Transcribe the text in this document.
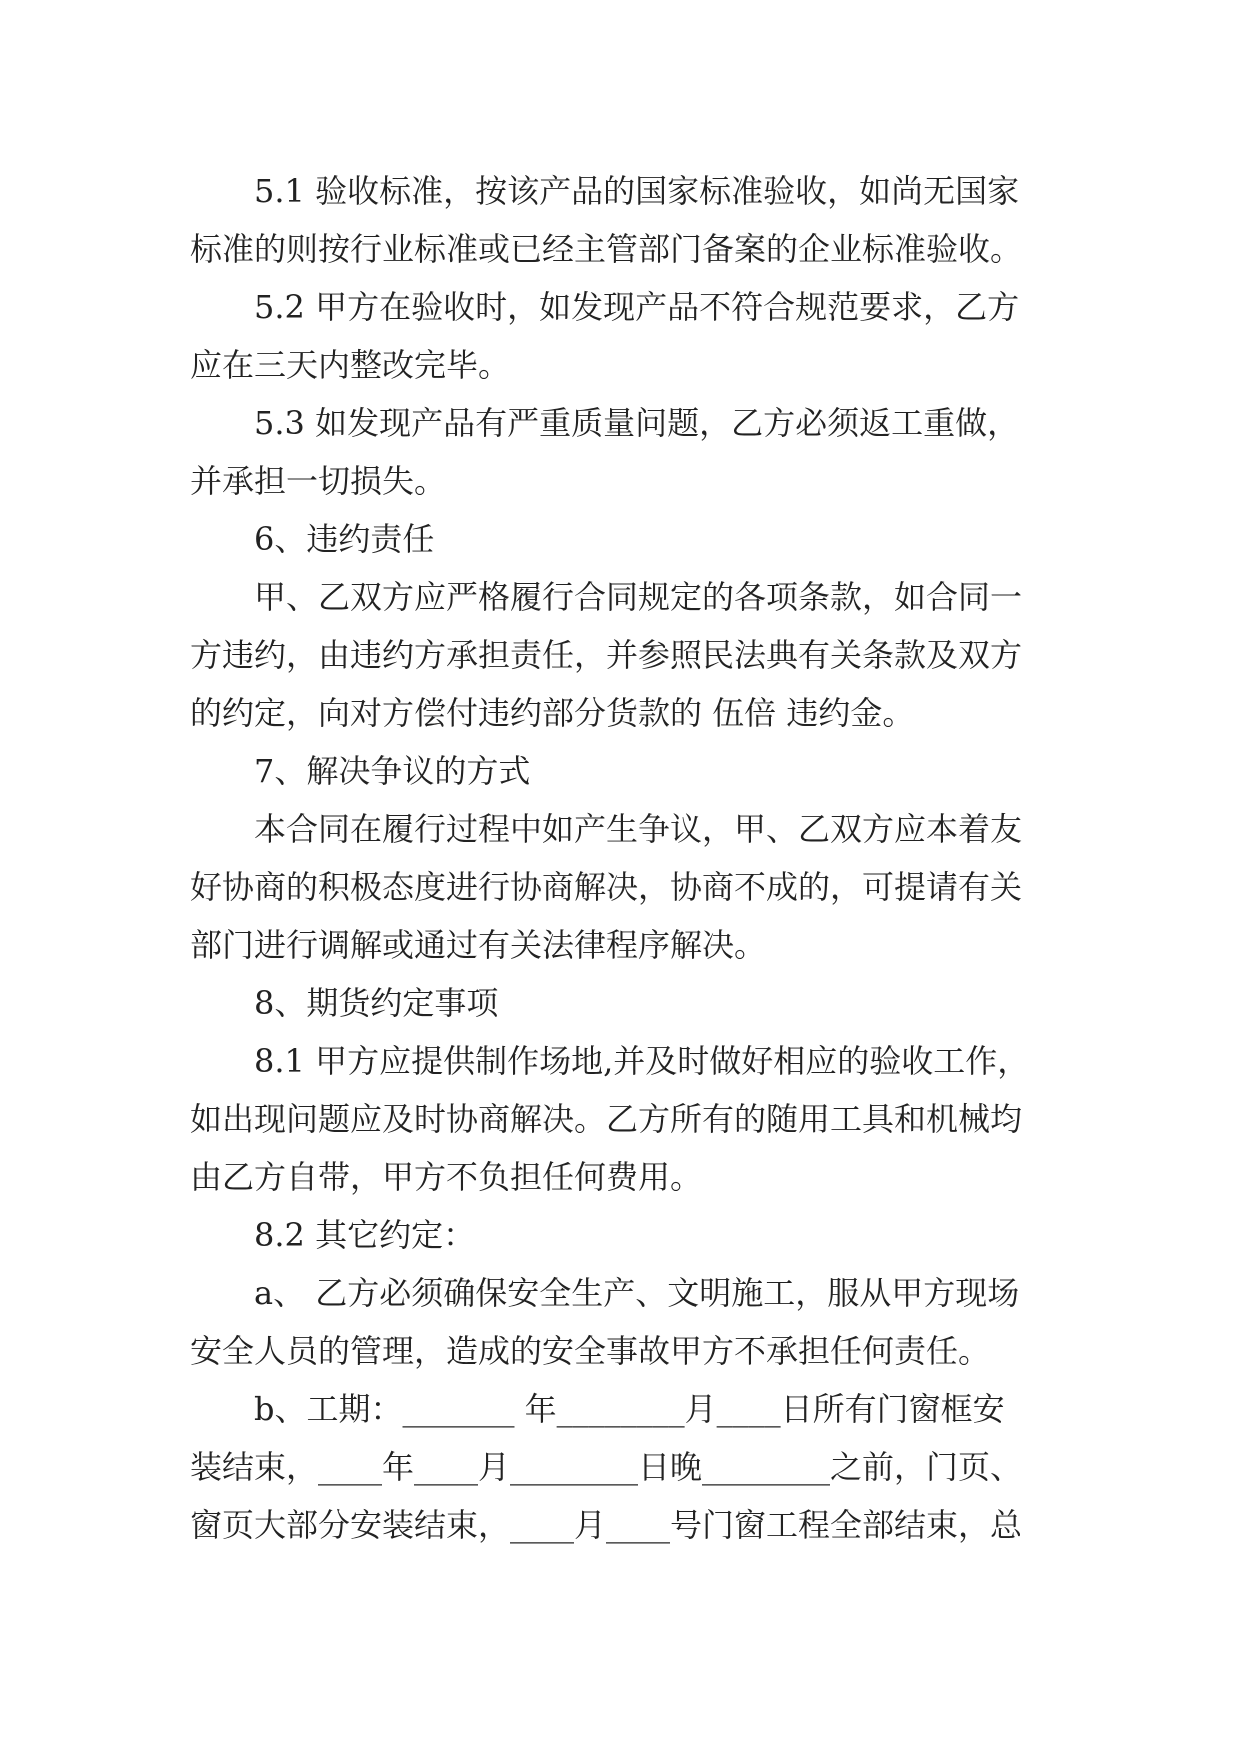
5.1 验收标准，按该产品的国家标准验收，如尚无国家
标准的则按行业标准或已经主管部门备案的企业标准验收。
5.2 甲方在验收时，如发现产品不符合规范要求，乙方
应在三天内整改完毕。
5.3 如发现产品有严重质量问题，乙方必须返工重做，
并承担一切损失。
6、违约责任
甲、乙双方应严格履行合同规定的各项条款，如合同一
方违约，由违约方承担责任，并参照民法典有关条款及双方
的约定，向对方偿付违约部分货款的 伍倍 违约金。
7、解决争议的方式
本合同在履行过程中如产生争议，甲、乙双方应本着友
好协商的积极态度进行协商解决，协商不成的，可提请有关
部门进行调解或通过有关法律程序解决。
8、期货约定事项
8.1 甲方应提供制作场地,并及时做好相应的验收工作，
如出现问题应及时协商解决。乙方所有的随用工具和机械均
由乙方自带，甲方不负担任何费用。
8.2 其它约定：
a、 乙方必须确保安全生产、文明施工，服从甲方现场
安全人员的管理，造成的安全事故甲方不承担任何责任。
b、工期：_______ 年________月____日所有门窗框安
装结束，____年____月________日晚________之前，门页、
窗页大部分安装结束，____月____号门窗工程全部结束，总
